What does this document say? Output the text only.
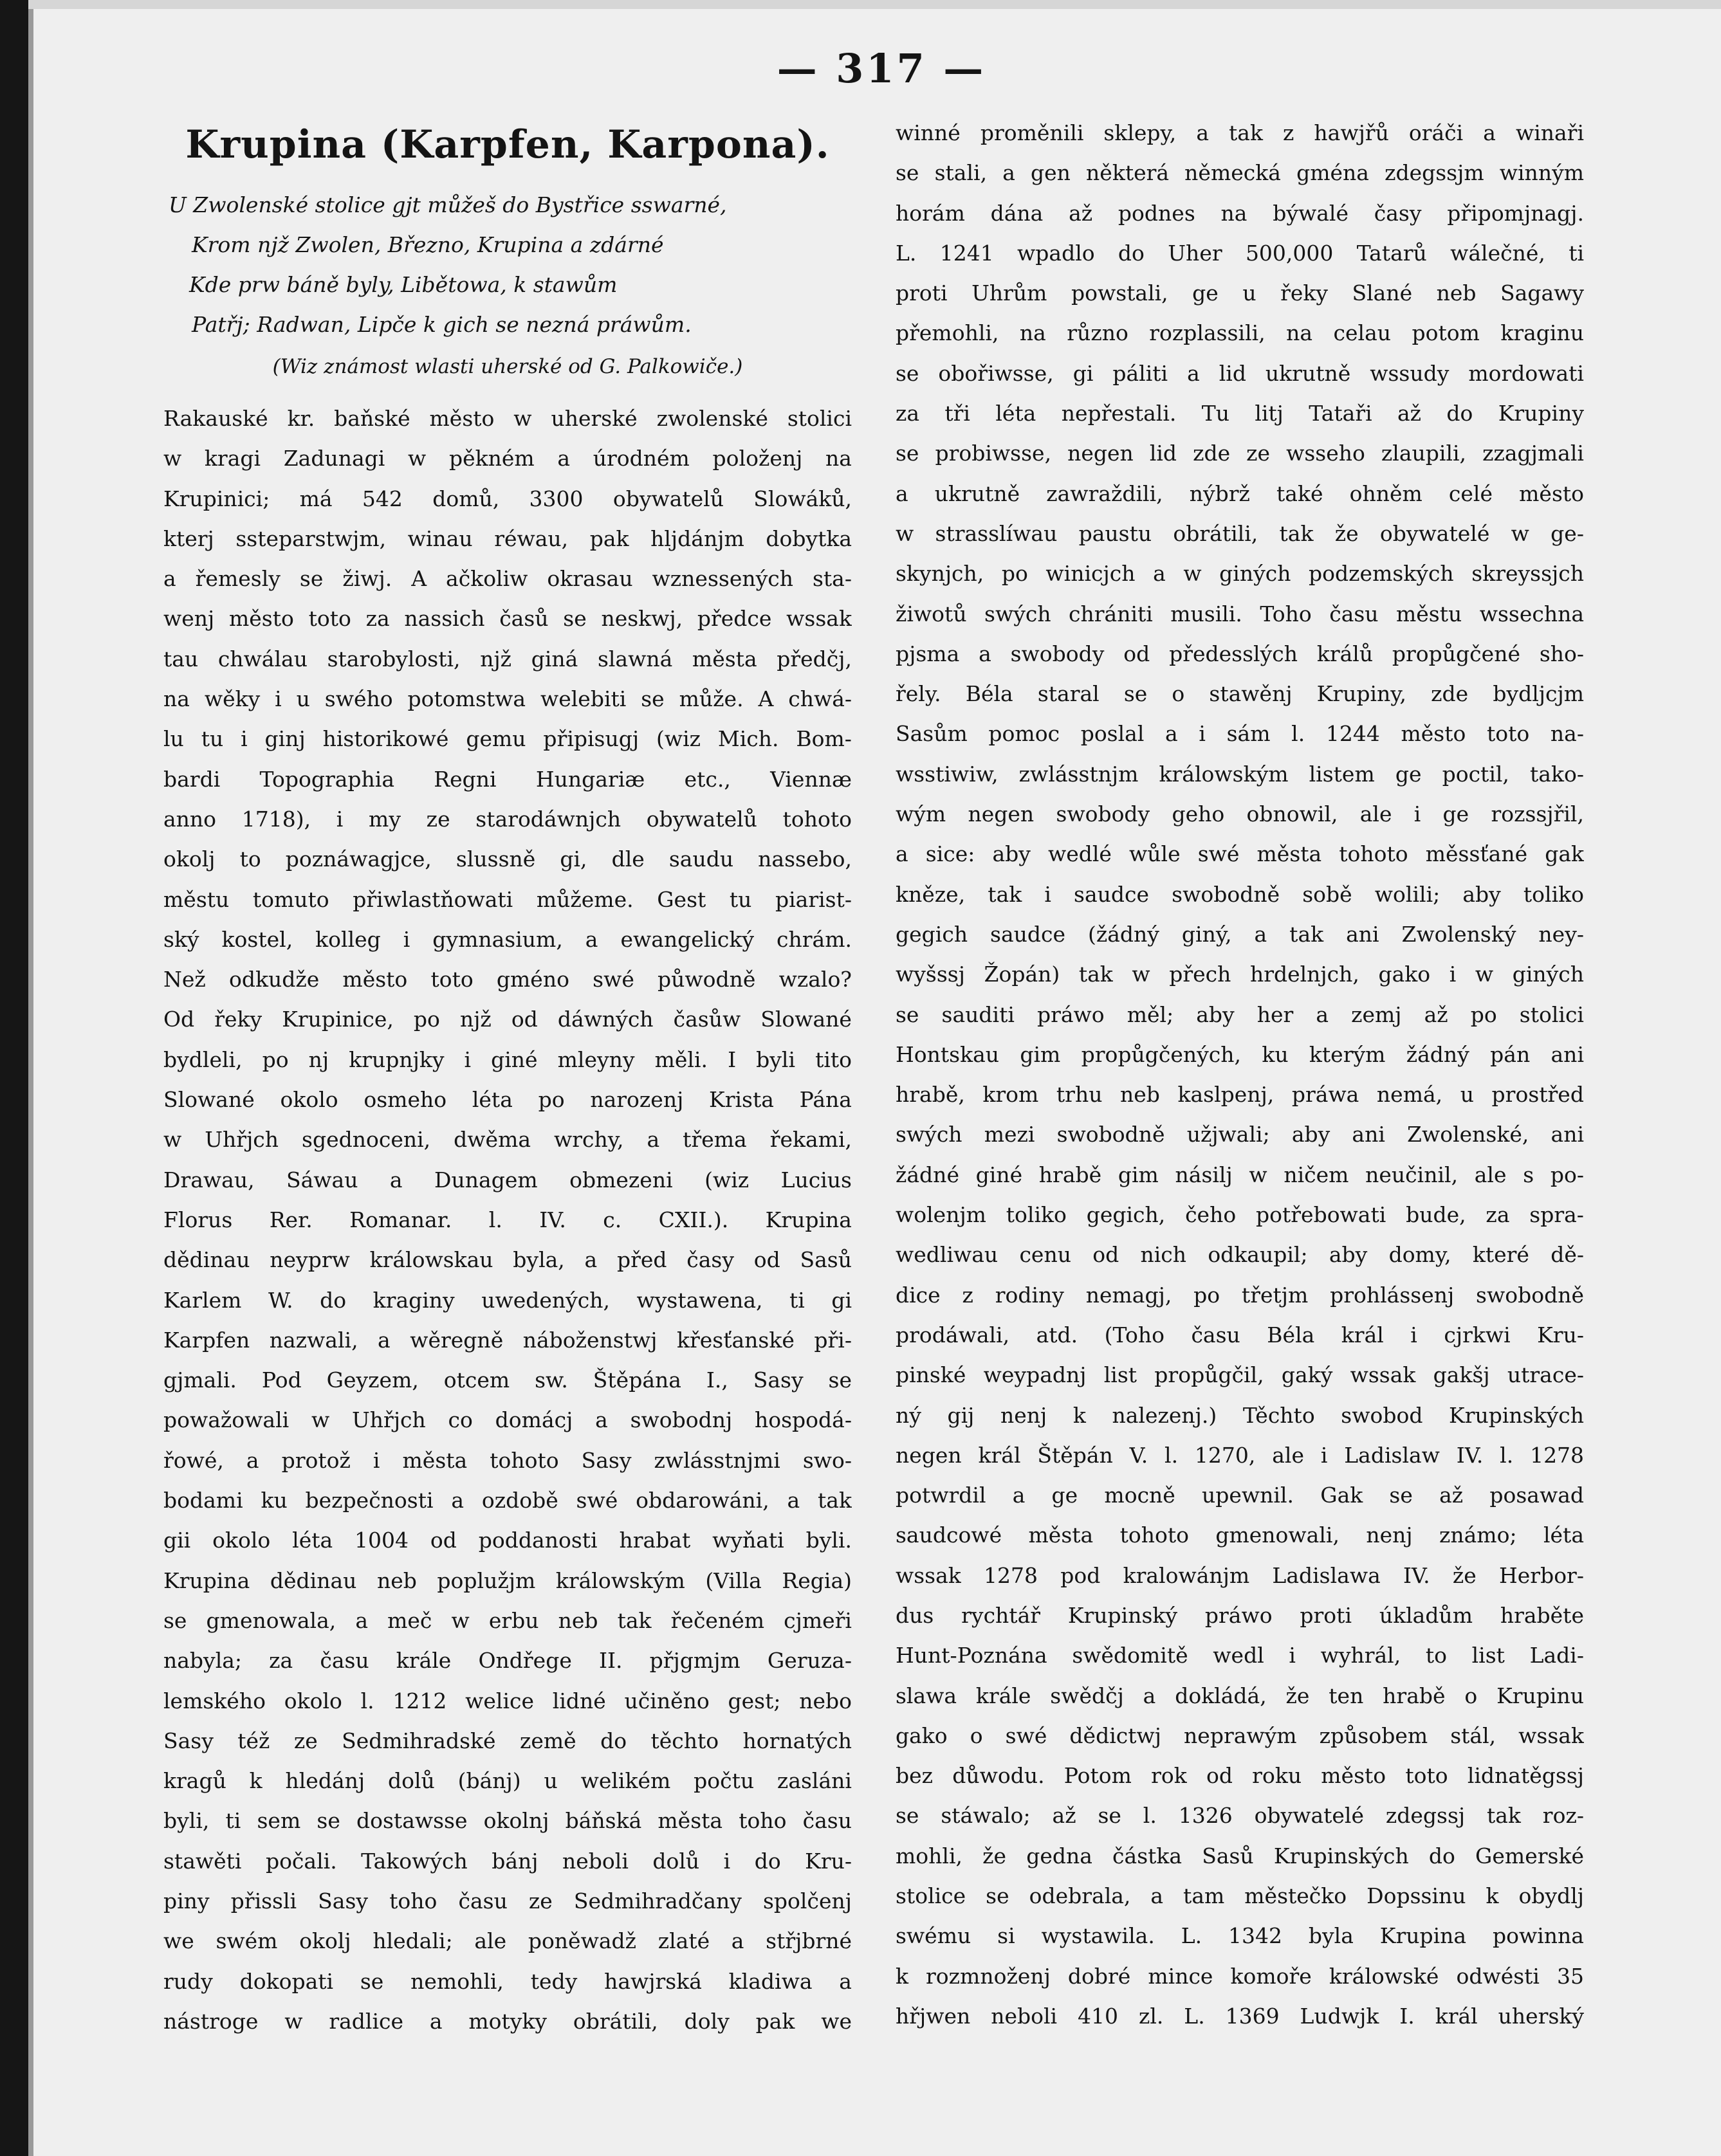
— 317 —
Krupina (Karpfen, Karpona).
U Zwolenské stolice gjt můžeš do Bystřice sswarné,
Krom njž Zwolen, Březno, Krupina a zdárné
Kde prw báně byly, Libětowa, k stawům
Patřj; Radwan, Lipče k gich se nezná práwům.
(Wiz známost wlasti uherské od G. Palkowiče.)
Rakauské kr. baňské město w uherské zwolenské stolici
w kragi Zadunagi w pěkném a úrodném položenj na
Krupinici; má 542 domů, 3300 obywatelů Slowáků,
kterj ssteparstwjm, winau réwau, pak hljdánjm dobytka
a řemesly se žiwj. A ačkoliw okrasau wznessených sta-
wenj město toto za nassich časů se neskwj, předce wssak
tau chwálau starobylosti, njž giná slawná města předčj,
na wěky i u swého potomstwa welebiti se může. A chwá-
lu tu i ginj historikowé gemu připisugj (wiz Mich. Bom-
bardi Topographia Regni Hungariæ etc., Viennæ
anno 1718), i my ze starodáwnjch obywatelů tohoto
okolj to poznáwagjce, slussně gi, dle saudu nassebo,
městu tomuto přiwlastňowati můžeme. Gest tu piarist-
ský kostel, kolleg i gymnasium, a ewangelický chrám.
Než odkudže město toto gméno swé půwodně wzalo?
Od řeky Krupinice, po njž od dáwných časůw Slowané
bydleli, po nj krupnjky i giné mleyny měli. I byli tito
Slowané okolo osmeho léta po narozenj Krista Pána
w Uhřjch sgednoceni, dwěma wrchy, a třema řekami,
Drawau, Sáwau a Dunagem obmezeni (wiz Lucius
Florus Rer. Romanar. l. IV. c. CXII.). Krupina
dědinau neyprw králowskau byla, a před časy od Sasů
Karlem W. do kraginy uwedených, wystawena, ti gi
Karpfen nazwali, a wěregně náboženstwj křesťanské při-
gjmali. Pod Geyzem, otcem sw. Štěpána I., Sasy se
powažowali w Uhřjch co domácj a swobodnj hospodá-
řowé, a protož i města tohoto Sasy zwlásstnjmi swo-
bodami ku bezpečnosti a ozdobě swé obdarowáni, a tak
gii okolo léta 1004 od poddanosti hrabat wyňati byli.
Krupina dědinau neb poplužjm králowským (Villa Regia)
se gmenowala, a meč w erbu neb tak řečeném cjmeři
nabyla; za času krále Ondřege II. přjgmjm Geruza-
lemského okolo l. 1212 welice lidné učiněno gest; nebo
Sasy též ze Sedmihradské země do těchto hornatých
kragů k hledánj dolů (bánj) u welikém počtu zasláni
byli, ti sem se dostawsse okolnj báňská města toho času
stawěti počali. Takowých bánj neboli dolů i do Kru-
piny přissli Sasy toho času ze Sedmihradčany spolčenj
we swém okolj hledali; ale poněwadž zlaté a střjbrné
rudy dokopati se nemohli, tedy hawjrská kladiwa a
nástroge w radlice a motyky obrátili, doly pak we
winné proměnili sklepy, a tak z hawjřů oráči a winaři
se stali, a gen některá německá gména zdegssjm winným
horám dána až podnes na býwalé časy připomjnagj.
L. 1241 wpadlo do Uher 500,000 Tatarů wálečné, ti
proti Uhrům powstali, ge u řeky Slané neb Sagawy
přemohli, na různo rozplassili, na celau potom kraginu
se obořiwsse, gi páliti a lid ukrutně wssudy mordowati
za tři léta nepřestali. Tu litj Tataři až do Krupiny
se probiwsse, negen lid zde ze wsseho zlaupili, zzagjmali
a ukrutně zawraždili, nýbrž také ohněm celé město
w strasslíwau paustu obrátili, tak že obywatelé w ge-
skynjch, po winicjch a w giných podzemských skreyssjch
žiwotů swých chrániti musili. Toho času městu wssechna
pjsma a swobody od předesslých králů propůgčené sho-
řely. Béla staral se o stawěnj Krupiny, zde bydljcjm
Sasům pomoc poslal a i sám l. 1244 město toto na-
wsstiwiw, zwlásstnjm králowským listem ge poctil, tako-
wým negen swobody geho obnowil, ale i ge rozssjřil,
a sice: aby wedlé wůle swé města tohoto měssťané gak
kněze, tak i saudce swobodně sobě wolili; aby toliko
gegich saudce (žádný giný, a tak ani Zwolenský ney-
wyšssj Žopán) tak w přech hrdelnjch, gako i w giných
se sauditi práwo měl; aby her a zemj až po stolici
Hontskau gim propůgčených, ku kterým žádný pán ani
hrabě, krom trhu neb kaslpenj, práwa nemá, u prostřed
swých mezi swobodně užjwali; aby ani Zwolenské, ani
žádné giné hrabě gim násilj w ničem neučinil, ale s po-
wolenjm toliko gegich, čeho potřebowati bude, za spra-
wedliwau cenu od nich odkaupil; aby domy, které dě-
dice z rodiny nemagj, po třetjm prohlássenj swobodně
prodáwali, atd. (Toho času Béla král i cjrkwi Kru-
pinské weypadnj list propůgčil, gaký wssak gakšj utrace-
ný gij nenj k nalezenj.) Těchto swobod Krupinských
negen král Štěpán V. l. 1270, ale i Ladislaw IV. l. 1278
potwrdil a ge mocně upewnil. Gak se až posawad
saudcowé města tohoto gmenowali, nenj známo; léta
wssak 1278 pod kralowánjm Ladislawa IV. že Herbor-
dus rychtář Krupinský práwo proti úkladům hraběte
Hunt-Poznána swědomitě wedl i wyhrál, to list Ladi-
slawa krále swědčj a dokládá, že ten hrabě o Krupinu
gako o swé dědictwj neprawým způsobem stál, wssak
bez důwodu. Potom rok od roku město toto lidnatěgssj
se stáwalo; až se l. 1326 obywatelé zdegssj tak roz-
mohli, že gedna částka Sasů Krupinských do Gemerské
stolice se odebrala, a tam městečko Dopssinu k obydlj
swému si wystawila. L. 1342 byla Krupina powinna
k rozmnoženj dobré mince komoře králowské odwésti 35
hřjwen neboli 410 zl. L. 1369 Ludwjk I. král uherský
